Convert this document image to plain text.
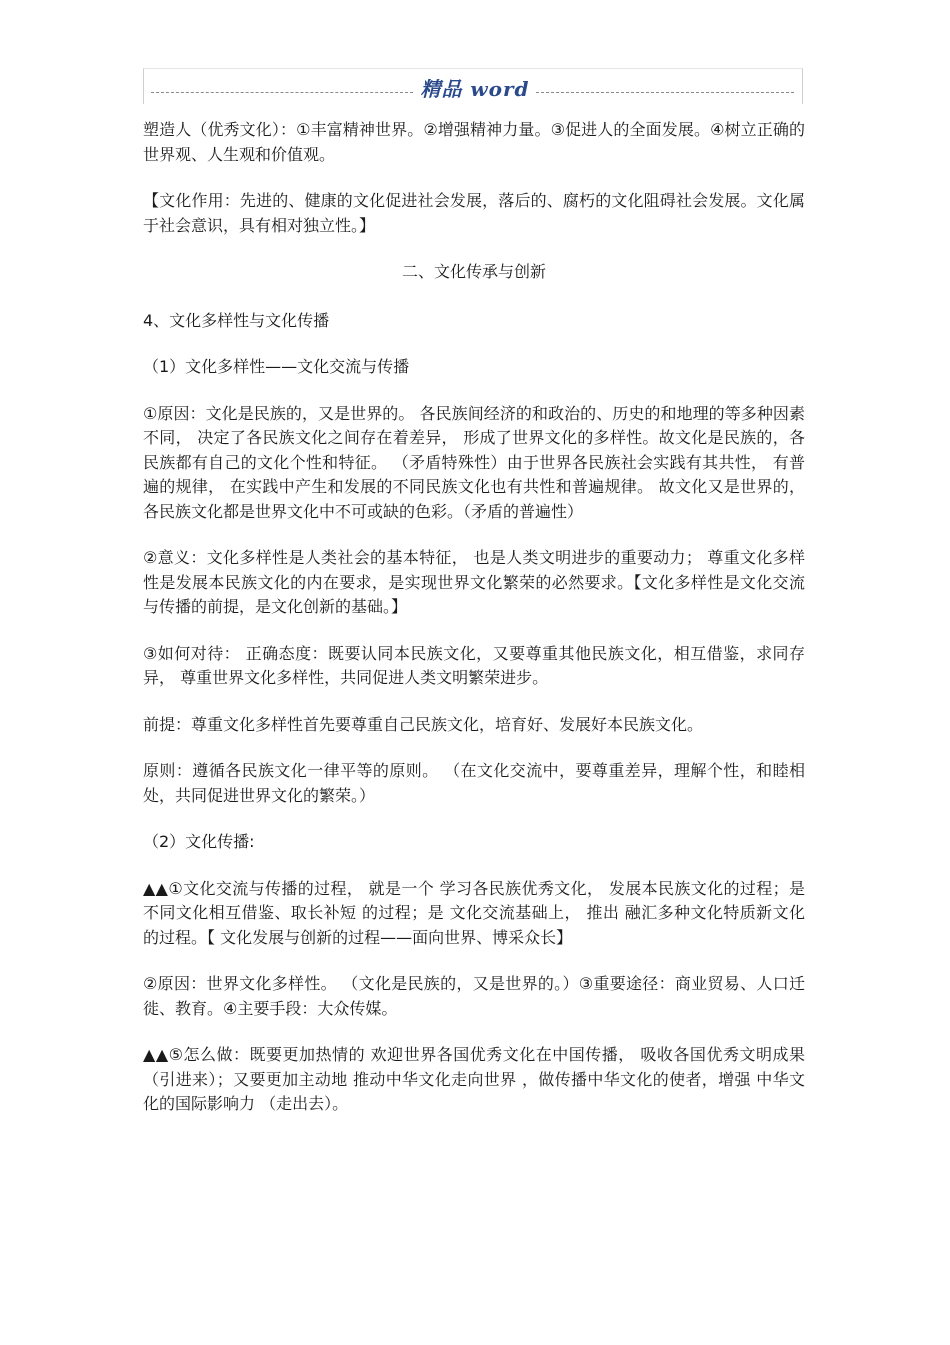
精品 word

塑造人（优秀文化）：①丰富精神世界。②增强精神力量。③促进人的全面发展。④树立正确的世界观、人生观和价值观。

【文化作用：先进的、健康的文化促进社会发展，落后的、腐朽的文化阻碍社会发展。文化属于社会意识，具有相对独立性。】

二、文化传承与创新

4、文化多样性与文化传播

（1）文化多样性——文化交流与传播

①原因：文化是民族的，又是世界的。 各民族间经济的和政治的、历史的和地理的等多种因素不同， 决定了各民族文化之间存在着差异， 形成了世界文化的多样性。故文化是民族的，各民族都有自己的文化个性和特征。 （矛盾特殊性）由于世界各民族社会实践有其共性， 有普遍的规律， 在实践中产生和发展的不同民族文化也有共性和普遍规律。 故文化又是世界的， 各民族文化都是世界文化中不可或缺的色彩。（矛盾的普遍性）

②意义：文化多样性是人类社会的基本特征， 也是人类文明进步的重要动力； 尊重文化多样性是发展本民族文化的内在要求，是实现世界文化繁荣的必然要求。【文化多样性是文化交流与传播的前提，是文化创新的基础。】

③如何对待： 正确态度：既要认同本民族文化，又要尊重其他民族文化，相互借鉴，求同存异， 尊重世界文化多样性，共同促进人类文明繁荣进步。

前提：尊重文化多样性首先要尊重自己民族文化，培育好、发展好本民族文化。

原则：遵循各民族文化一律平等的原则。 （在文化交流中，要尊重差异，理解个性，和睦相处，共同促进世界文化的繁荣。）

（2）文化传播:

▲▲①文化交流与传播的过程， 就是一个 学习各民族优秀文化， 发展本民族文化的过程；是 不同文化相互借鉴、取长补短 的过程；是 文化交流基础上， 推出 融汇多种文化特质新文化 的过程。【 文化发展与创新的过程——面向世界、博采众长】

②原因：世界文化多样性。 （文化是民族的，又是世界的。）③重要途径：商业贸易、人口迁徙、教育。④主要手段：大众传媒。

▲▲⑤怎么做：既要更加热情的 欢迎世界各国优秀文化在中国传播， 吸收各国优秀文明成果 （引进来）；又要更加主动地 推动中华文化走向世界 ，做传播中华文化的使者，增强 中华文化的国际影响力 （走出去）。
